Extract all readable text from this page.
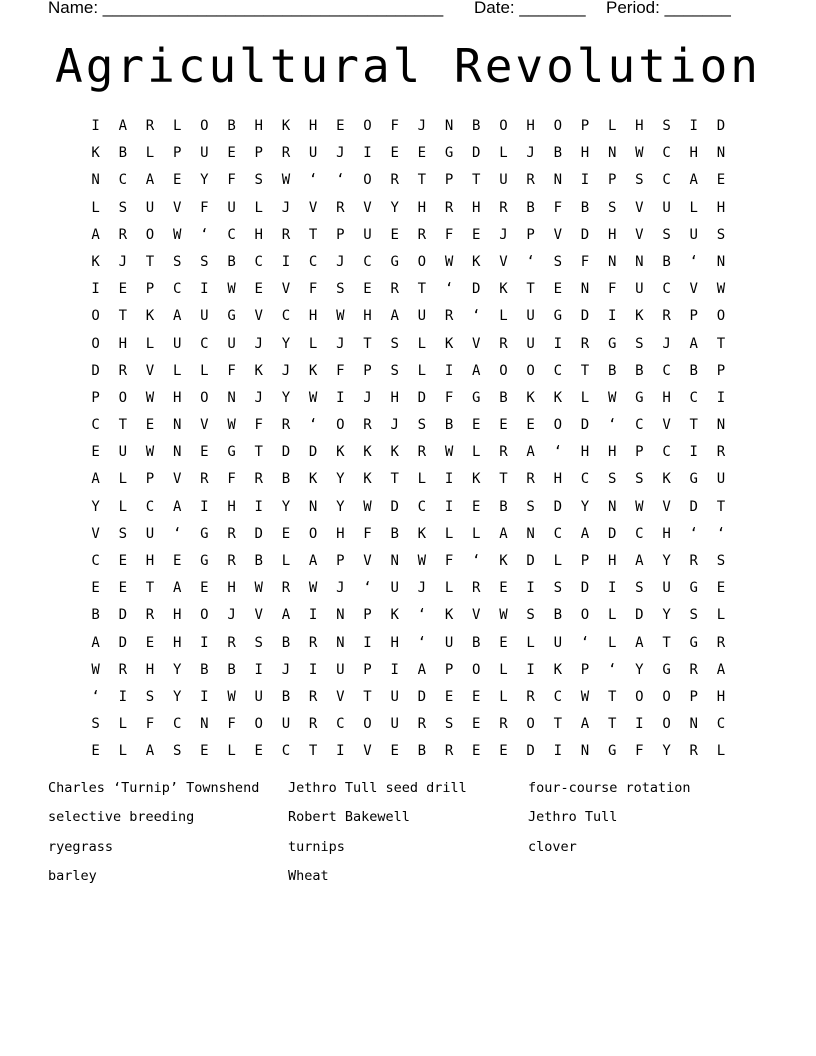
Name: ____________________________________ Date: _______ Period: _______
Agricultural Revolution
I	A	R	L	O	B	H	K	H	E	O	F	J	N	B	O	H	O	P	L	H	S	I	D
K	B	L	P	U	E	P	R	U	J	I	E	E	G	D	L	J	B	H	N	W	C	H	N
N	C	A	E	Y	F	S	W	‘	‘	O	R	T	P	T	U	R	N	I	P	S	C	A	E
L	S	U	V	F	U	L	J	V	R	V	Y	H	R	H	R	B	F	B	S	V	U	L	H
A	R	O	W	‘	C	H	R	T	P	U	E	R	F	E	J	P	V	D	H	V	S	U	S
K	J	T	S	S	B	C	I	C	J	C	G	O	W	K	V	‘	S	F	N	N	B	‘	N
I	E	P	C	I	W	E	V	F	S	E	R	T	‘	D	K	T	E	N	F	U	C	V	W
O	T	K	A	U	G	V	C	H	W	H	A	U	R	‘	L	U	G	D	I	K	R	P	O
O	H	L	U	C	U	J	Y	L	J	T	S	L	K	V	R	U	I	R	G	S	J	A	T
D	R	V	L	L	F	K	J	K	F	P	S	L	I	A	O	O	C	T	B	B	C	B	P
P	O	W	H	O	N	J	Y	W	I	J	H	D	F	G	B	K	K	L	W	G	H	C	I
C	T	E	N	V	W	F	R	‘	O	R	J	S	B	E	E	E	O	D	‘	C	V	T	N
E	U	W	N	E	G	T	D	D	K	K	K	R	W	L	R	A	‘	H	H	P	C	I	R
A	L	P	V	R	F	R	B	K	Y	K	T	L	I	K	T	R	H	C	S	S	K	G	U
Y	L	C	A	I	H	I	Y	N	Y	W	D	C	I	E	B	S	D	Y	N	W	V	D	T
V	S	U	‘	G	R	D	E	O	H	F	B	K	L	L	A	N	C	A	D	C	H	‘	‘
C	E	H	E	G	R	B	L	A	P	V	N	W	F	‘	K	D	L	P	H	A	Y	R	S
E	E	T	A	E	H	W	R	W	J	‘	U	J	L	R	E	I	S	D	I	S	U	G	E
B	D	R	H	O	J	V	A	I	N	P	K	‘	K	V	W	S	B	O	L	D	Y	S	L
A	D	E	H	I	R	S	B	R	N	I	H	‘	U	B	E	L	U	‘	L	A	T	G	R
W	R	H	Y	B	B	I	J	I	U	P	I	A	P	O	L	I	K	P	‘	Y	G	R	A
‘	I	S	Y	I	W	U	B	R	V	T	U	D	E	E	L	R	C	W	T	O	O	P	H
S	L	F	C	N	F	O	U	R	C	O	U	R	S	E	R	O	T	A	T	I	O	N	C
E	L	A	S	E	L	E	C	T	I	V	E	B	R	E	E	D	I	N	G	F	Y	R	L
Charles ‘Turnip’ Townshend	Jethro Tull seed drill	four-course rotation
selective breeding	Robert Bakewell	Jethro Tull
ryegrass	turnips	clover
barley	Wheat
